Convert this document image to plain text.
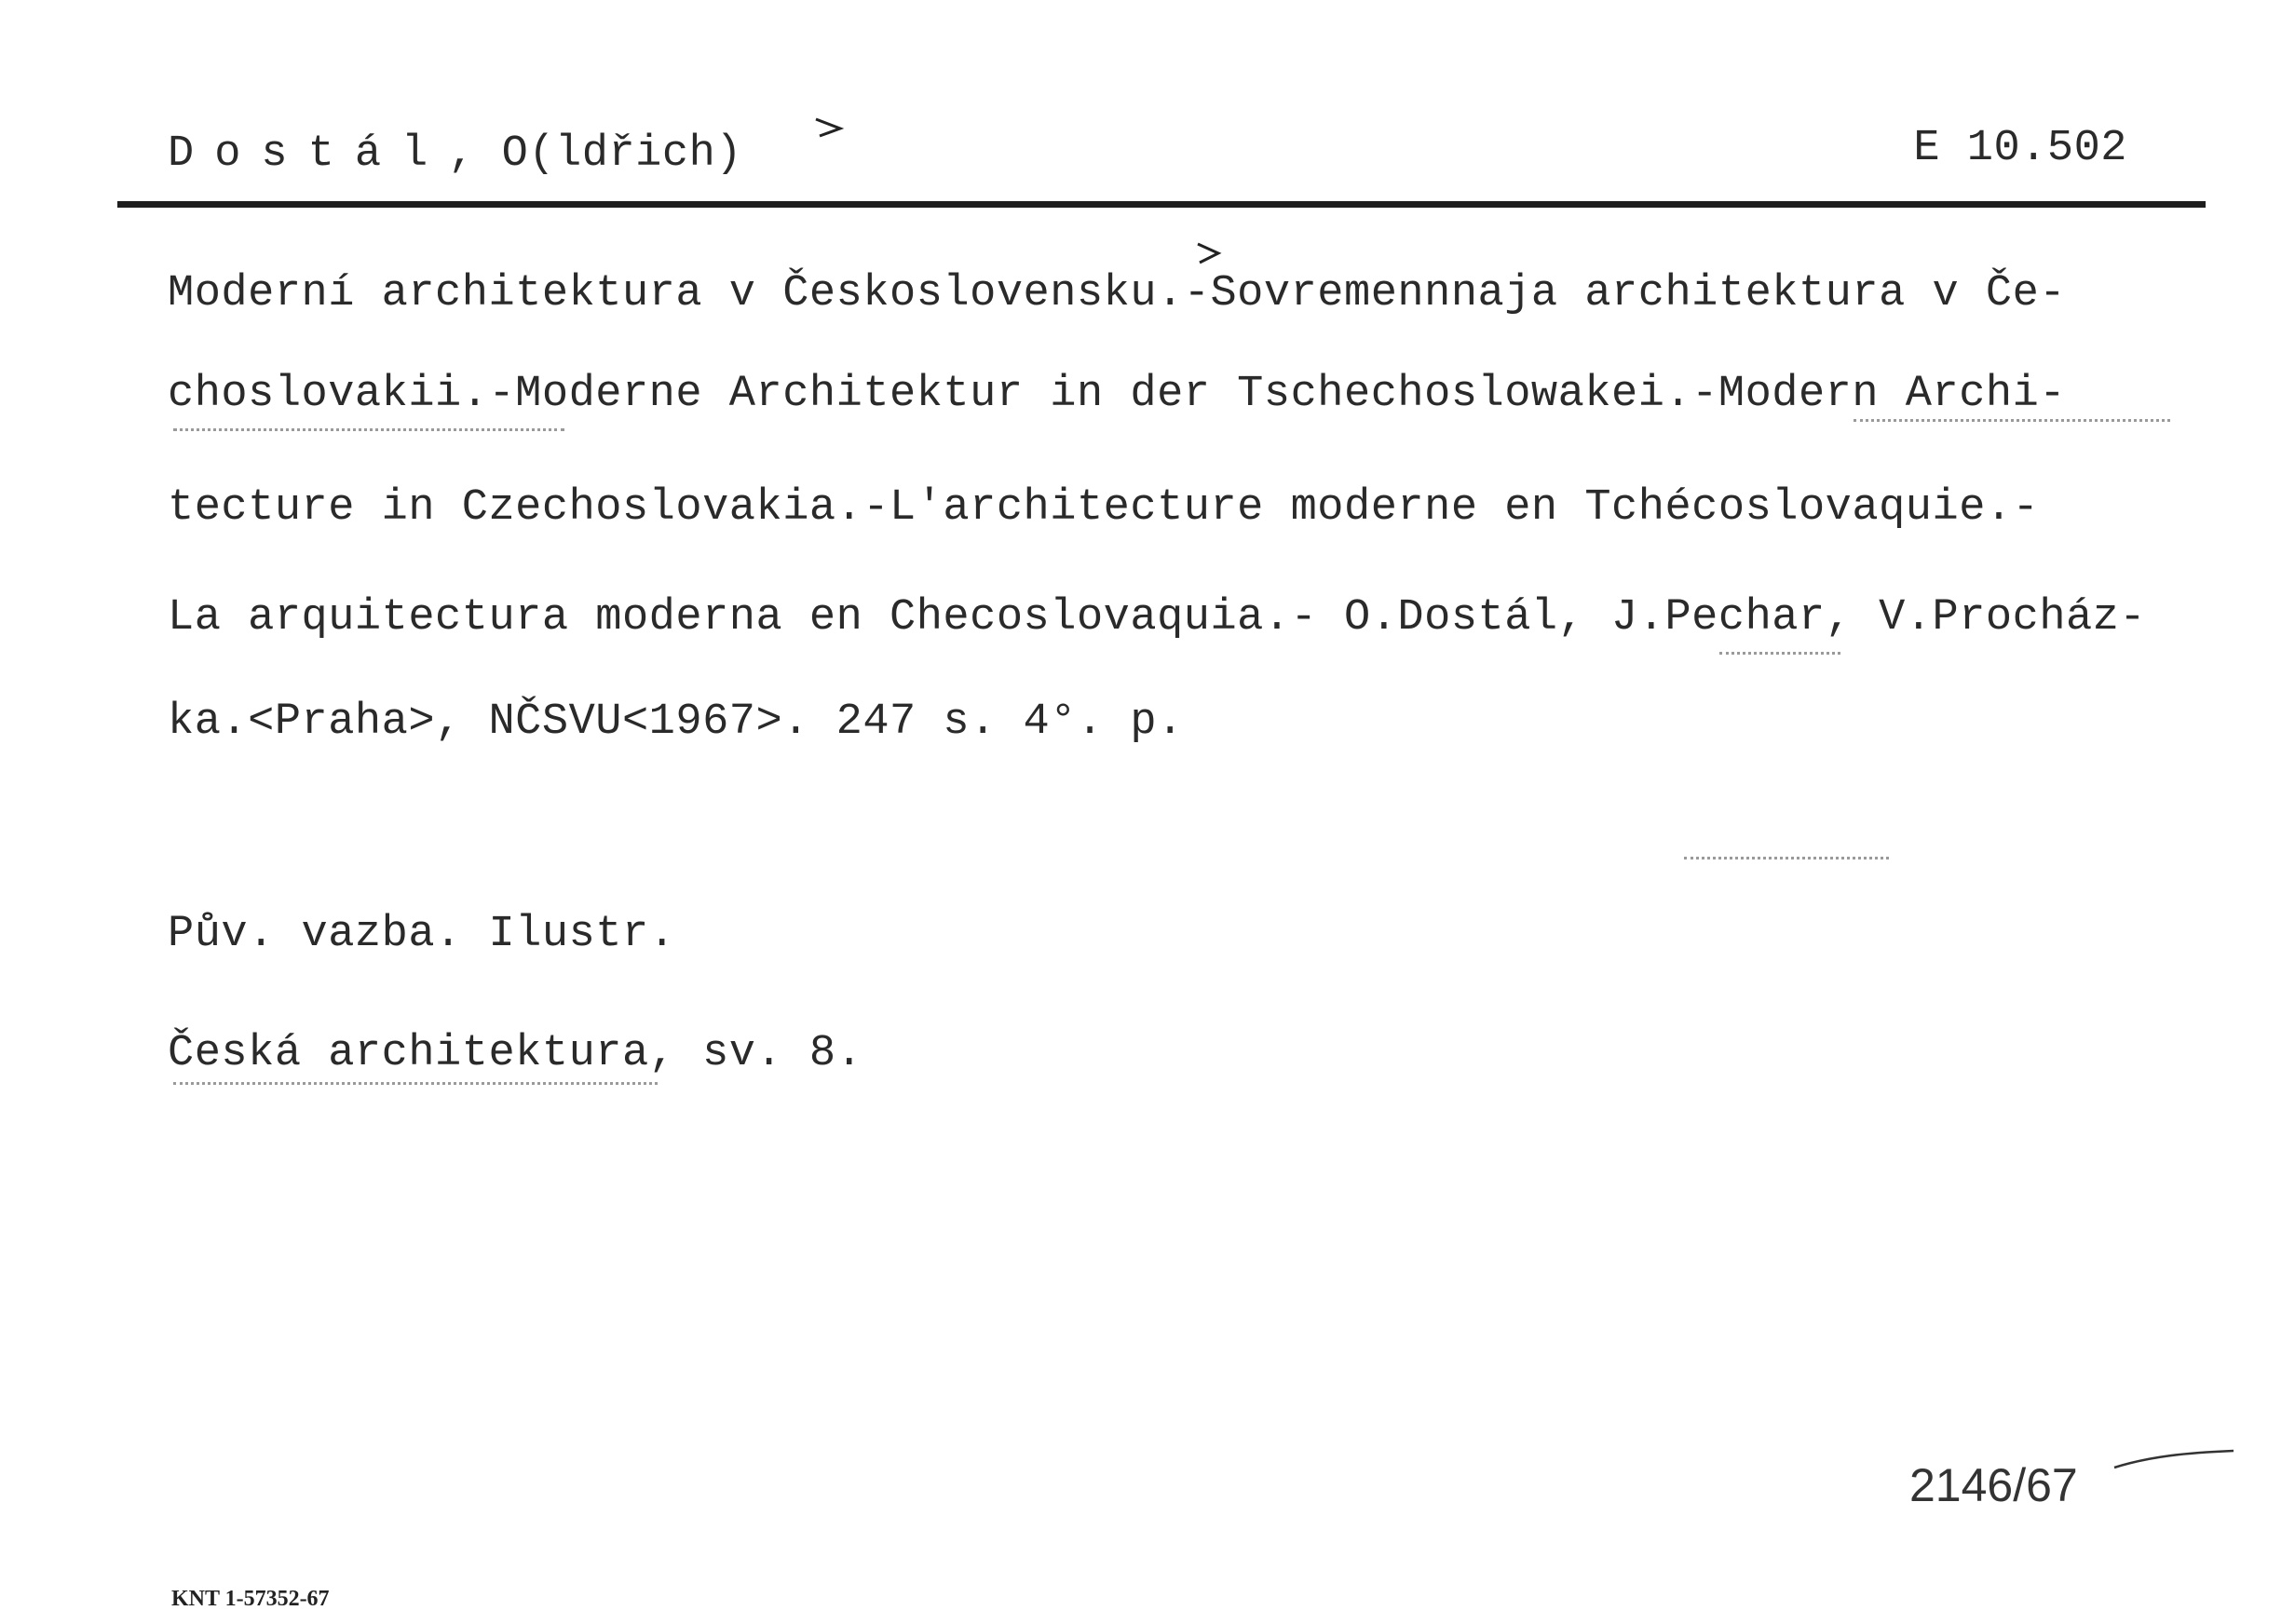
Dostál, O(ldřich)	E 10.502
Moderní architektura v Československu.-Sovremennnaja architektura v Če-
choslovakii.-Moderne Architektur in der Tschechoslowakei.-Modern Archi-
tecture in Czechoslovakia.-L'architecture moderne en Tchécoslovaquie.-
La arquitectura moderna en Checoslovaquia.- O.Dostál, J.Pechar, V.Procház-
ka.<Praha>, NČSVU<1967>. 247 s. 4°. p.
Pův. vazba. Ilustr.
Česká architektura, sv. 8.
2146/67
KNT 1-57352-67
